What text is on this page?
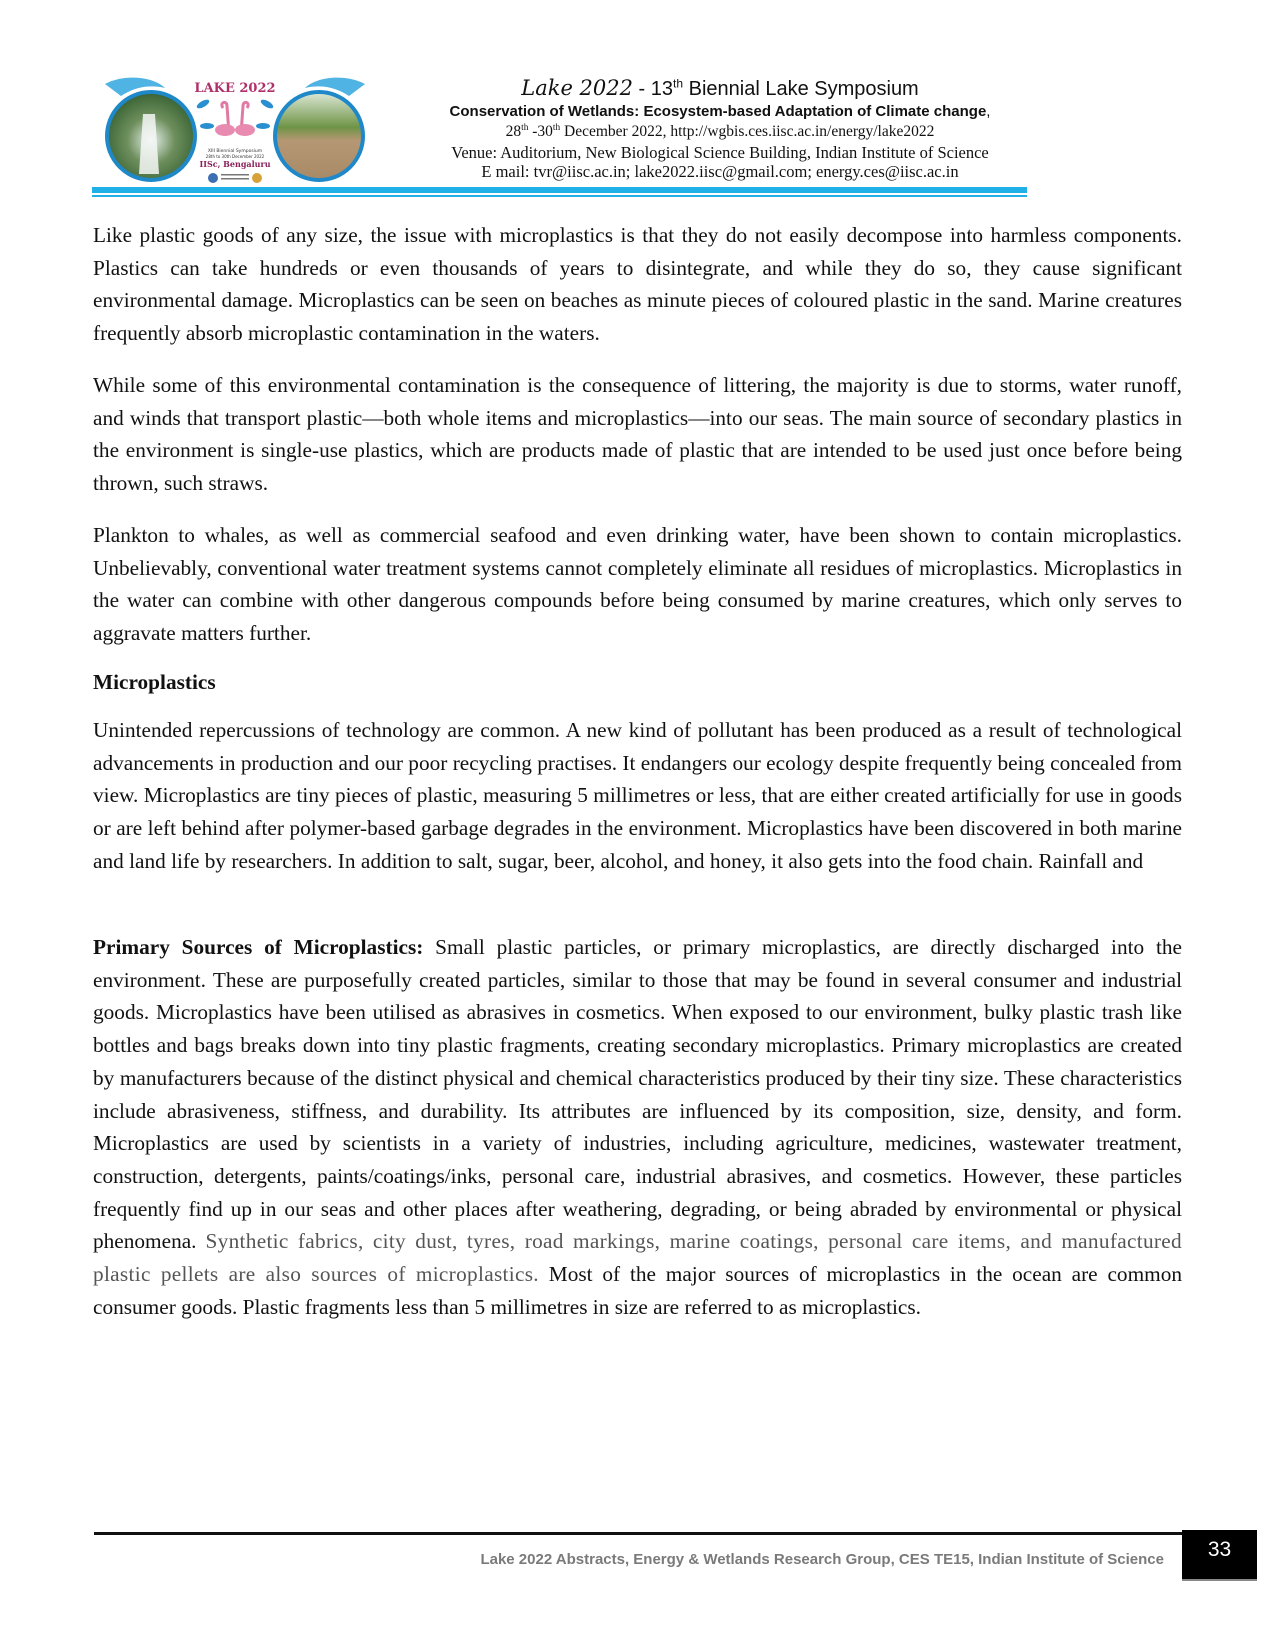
LAKE 2022
XIII Biennial Symposium
28th to 30th December 2022
IISc, Bengaluru
Lake 2022 - 13th Biennial Lake Symposium
Conservation of Wetlands: Ecosystem-based Adaptation of Climate change,
28th -30th December 2022, http://wgbis.ces.iisc.ac.in/energy/lake2022
Venue: Auditorium, New Biological Science Building, Indian Institute of Science
E mail: tvr@iisc.ac.in; lake2022.iisc@gmail.com; energy.ces@iisc.ac.in

Like plastic goods of any size, the issue with microplastics is that they do not easily decompose into harmless components. Plastics can take hundreds or even thousands of years to disintegrate, and while they do so, they cause significant environmental damage. Microplastics can be seen on beaches as minute pieces of coloured plastic in the sand. Marine creatures frequently absorb microplastic contamination in the waters.

While some of this environmental contamination is the consequence of littering, the majority is due to storms, water runoff, and winds that transport plastic—both whole items and microplastics—into our seas. The main source of secondary plastics in the environment is single-use plastics, which are products made of plastic that are intended to be used just once before being thrown, such straws.

Plankton to whales, as well as commercial seafood and even drinking water, have been shown to contain microplastics. Unbelievably, conventional water treatment systems cannot completely eliminate all residues of microplastics. Microplastics in the water can combine with other dangerous compounds before being consumed by marine creatures, which only serves to aggravate matters further.

Microplastics

Unintended repercussions of technology are common. A new kind of pollutant has been produced as a result of technological advancements in production and our poor recycling practises. It endangers our ecology despite frequently being concealed from view. Microplastics are tiny pieces of plastic, measuring 5 millimetres or less, that are either created artificially for use in goods or are left behind after polymer-based garbage degrades in the environment. Microplastics have been discovered in both marine and land life by researchers. In addition to salt, sugar, beer, alcohol, and honey, it also gets into the food chain. Rainfall and

Primary Sources of Microplastics: Small plastic particles, or primary microplastics, are directly discharged into the environment. These are purposefully created particles, similar to those that may be found in several consumer and industrial goods. Microplastics have been utilised as abrasives in cosmetics. When exposed to our environment, bulky plastic trash like bottles and bags breaks down into tiny plastic fragments, creating secondary microplastics. Primary microplastics are created by manufacturers because of the distinct physical and chemical characteristics produced by their tiny size. These characteristics include abrasiveness, stiffness, and durability. Its attributes are influenced by its composition, size, density, and form. Microplastics are used by scientists in a variety of industries, including agriculture, medicines, wastewater treatment, construction, detergents, paints/coatings/inks, personal care, industrial abrasives, and cosmetics. However, these particles frequently find up in our seas and other places after weathering, degrading, or being abraded by environmental or physical phenomena. Synthetic fabrics, city dust, tyres, road markings, marine coatings, personal care items, and manufactured plastic pellets are also sources of microplastics. Most of the major sources of microplastics in the ocean are common consumer goods. Plastic fragments less than 5 millimetres in size are referred to as microplastics.

Lake 2022 Abstracts, Energy & Wetlands Research Group, CES TE15, Indian Institute of Science	33
